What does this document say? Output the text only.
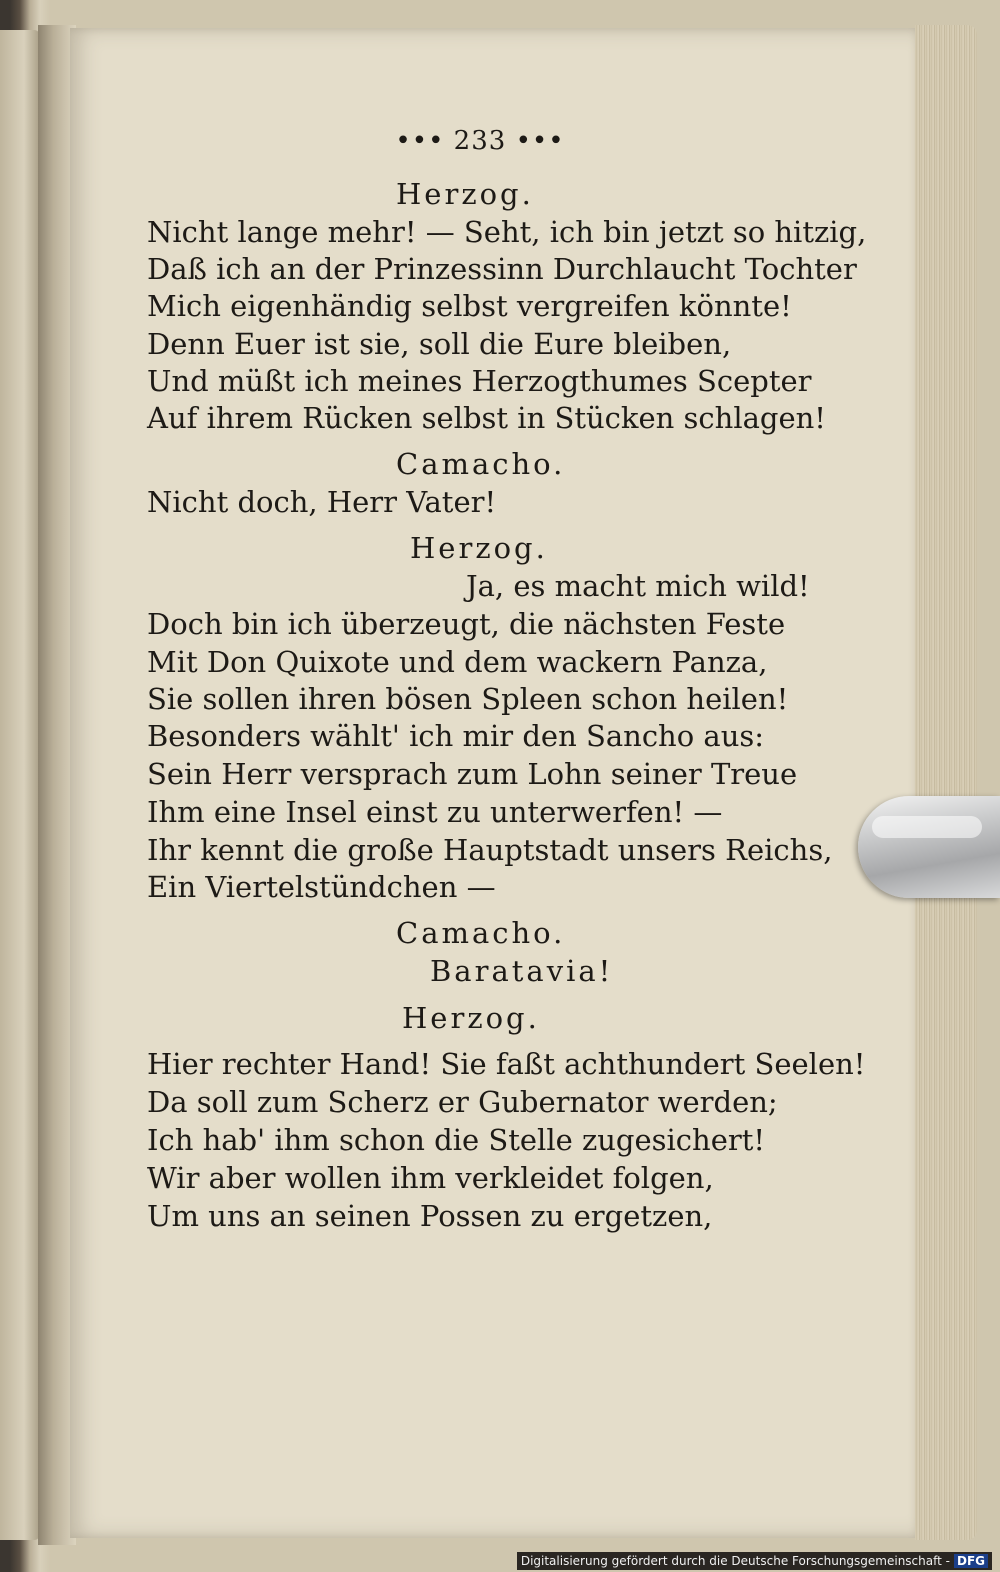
••• 233 •••
Herzog.
Nicht lange mehr! — Seht, ich bin jetzt so hitzig,
Daß ich an der Prinzessinn Durchlaucht Tochter
Mich eigenhändig selbst vergreifen könnte!
Denn Euer ist sie, soll die Eure bleiben,
Und müßt ich meines Herzogthumes Scepter
Auf ihrem Rücken selbst in Stücken schlagen!
Camacho.
Nicht doch, Herr Vater!
Herzog.
Ja, es macht mich wild!
Doch bin ich überzeugt, die nächsten Feste
Mit Don Quixote und dem wackern Panza,
Sie sollen ihren bösen Spleen schon heilen!
Besonders wählt' ich mir den Sancho aus:
Sein Herr versprach zum Lohn seiner Treue
Ihm eine Insel einst zu unterwerfen! —
Ihr kennt die große Hauptstadt unsers Reichs,
Ein Viertelstündchen —
Camacho.
Baratavia!
Herzog.
Hier rechter Hand! Sie faßt achthundert Seelen!
Da soll zum Scherz er Gubernator werden;
Ich hab' ihm schon die Stelle zugesichert!
Wir aber wollen ihm verkleidet folgen,
Um uns an seinen Possen zu ergetzen,
Digitalisierung gefördert durch die Deutsche Forschungsgemeinschaft - DFG
